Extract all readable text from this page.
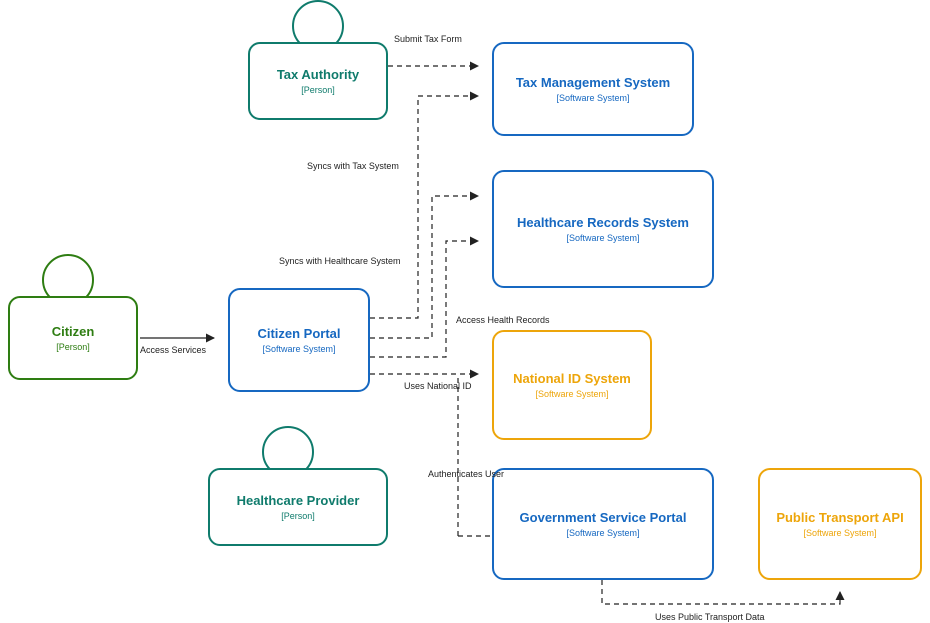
Tax Authority
[Person]	Tax Management System
[Software System]
Healthcare Records System
[Software System]
Citizen
[Person]
Citizen Portal
[Software System]
National ID System
[Software System]
Healthcare Provider
[Person]	Government Service Portal
[Software System]
Public Transport API
[Software System]
Submit Tax Form
Syncs with Tax System
Syncs with Healthcare System
Access Services
Access Health Records
Uses National ID
Authenticates User
Uses Public Transport Data
